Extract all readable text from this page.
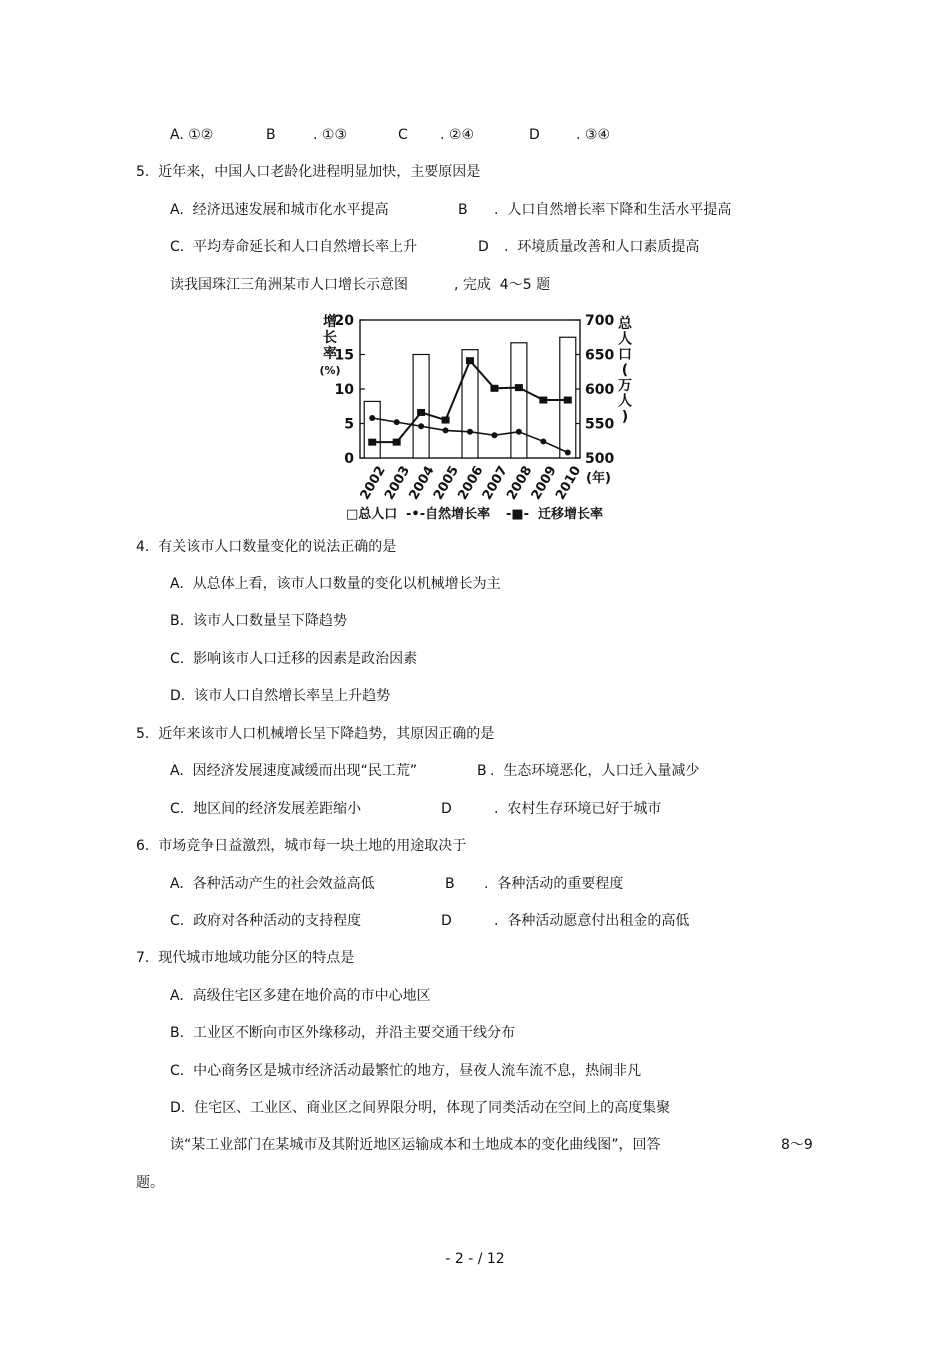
A. ①②	B	. ①③	C . ②④	D	. ③④
5.  近年来，中国人口老龄化进程明显加快，主要原因是
A.  经济迅速发展和城市化水平提高	B .  人口自然增长率下降和生活水平提高
C.  平均寿命延长和人口自然增长率上升	D .  环境质量改善和人口素质提高
读我国珠江三角洲某市人口增长示意图	, 完成  4～5 题
20
15
10
5
0
700
650
600
550
500
增
长
率
(%)
总
人
口
(
万
人
)
2002
2003
2004
2005
2006
2007
2008
2009
2010 (年)
□总人口 -•-自然增长率 -■- 迁移增长率
4.  有关该市人口数量变化的说法正确的是
A.  从总体上看，该市人口数量的变化以机械增长为主
B.  该市人口数量呈下降趋势
C.  影响该市人口迁移的因素是政治因素
D.  该市人口自然增长率呈上升趋势
5.  近年来该市人口机械增长呈下降趋势，其原因正确的是
A.  因经济发展速度减缓而出现“民工荒”	B .  生态环境恶化，人口迁入量减少
C.  地区间的经济发展差距缩小	D	.  农村生存环境已好于城市
6.  市场竞争日益激烈，城市每一块土地的用途取决于
A.  各种活动产生的社会效益高低	B .  各种活动的重要程度
C.  政府对各种活动的支持程度	D	.  各种活动愿意付出租金的高低
7.  现代城市地域功能分区的特点是
A.  高级住宅区多建在地价高的市中心地区
B.  工业区不断向市区外缘移动，并沿主要交通干线分布
C.  中心商务区是城市经济活动最繁忙的地方，昼夜人流车流不息，热闹非凡
D.  住宅区、工业区、商业区之间界限分明，体现了同类活动在空间上的高度集聚
读“某工业部门在某城市及其附近地区运输成本和土地成本的变化曲线图”，回答	8～9
题。
- 2 - / 12
